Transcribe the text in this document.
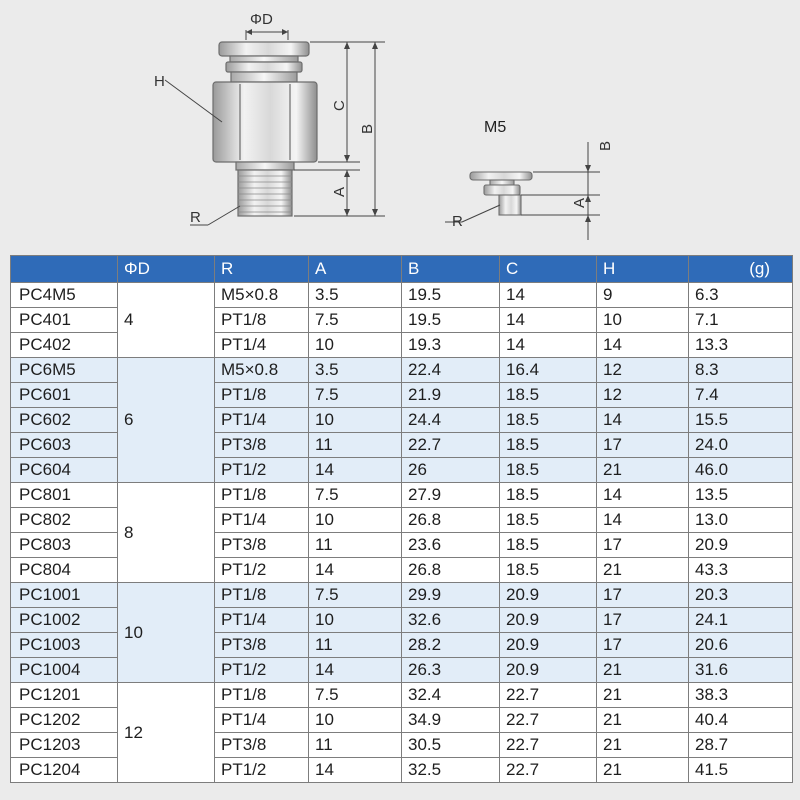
ΦD
H
C
B
A
R
M5
B
A
R
	ΦD	R	A	B	C	H	(g)
PC4M5	4	M5×0.8	3.5	19.5	14	9	6.3
PC401		PT1/8	7.5	19.5	14	10	7.1
PC402		PT1/4	10	19.3	14	14	13.3
PC6M5	6	M5×0.8	3.5	22.4	16.4	12	8.3
PC601		PT1/8	7.5	21.9	18.5	12	7.4
PC602		PT1/4	10	24.4	18.5	14	15.5
PC603		PT3/8	11	22.7	18.5	17	24.0
PC604		PT1/2	14	26	18.5	21	46.0
PC801	8	PT1/8	7.5	27.9	18.5	14	13.5
PC802		PT1/4	10	26.8	18.5	14	13.0
PC803		PT3/8	11	23.6	18.5	17	20.9
PC804		PT1/2	14	26.8	18.5	21	43.3
PC1001	10	PT1/8	7.5	29.9	20.9	17	20.3
PC1002		PT1/4	10	32.6	20.9	17	24.1
PC1003		PT3/8	11	28.2	20.9	17	20.6
PC1004		PT1/2	14	26.3	20.9	21	31.6
PC1201	12	PT1/8	7.5	32.4	22.7	21	38.3
PC1202		PT1/4	10	34.9	22.7	21	40.4
PC1203		PT3/8	11	30.5	22.7	21	28.7
PC1204		PT1/2	14	32.5	22.7	21	41.5
